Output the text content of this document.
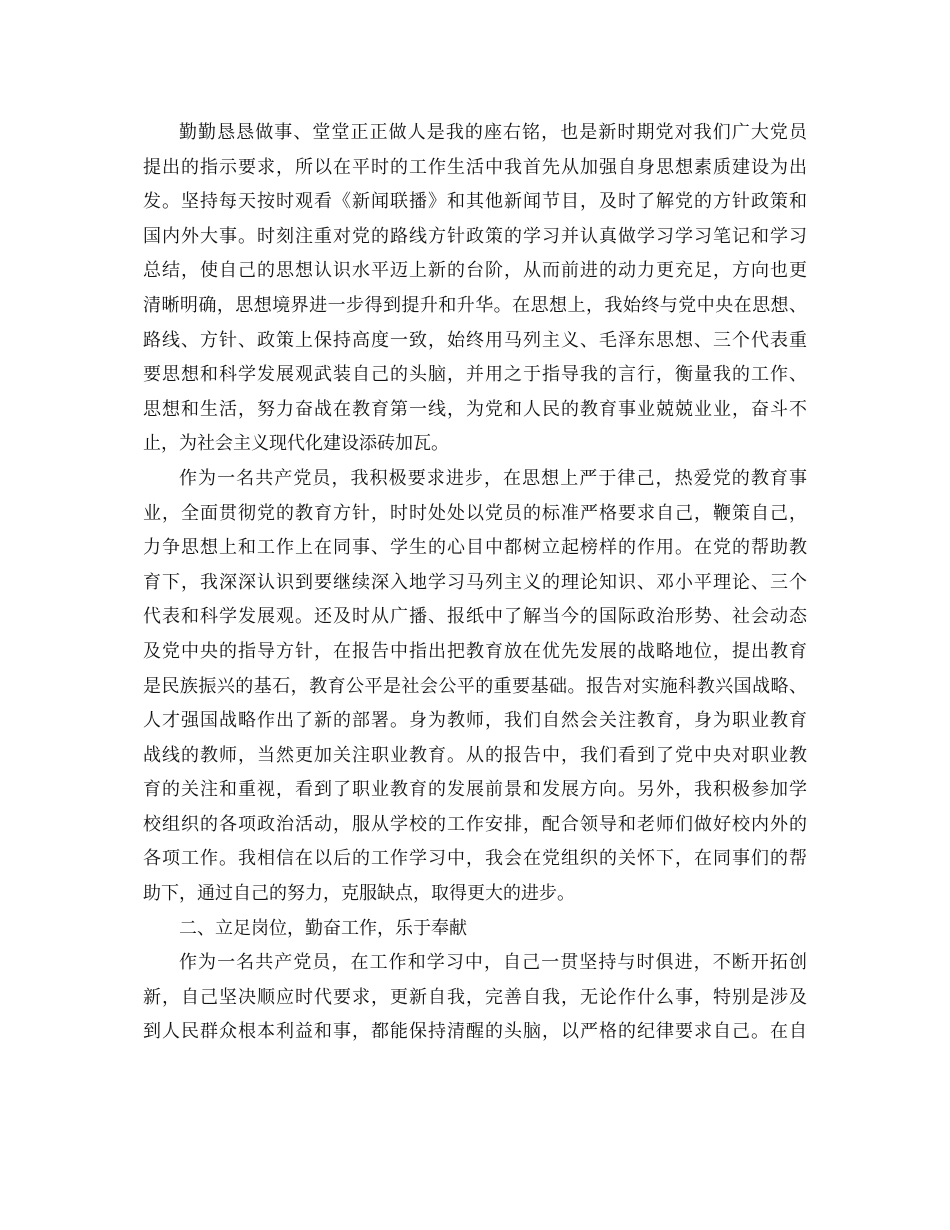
勤勤恳恳做事、堂堂正正做人是我的座右铭，也是新时期党对我们广大党员
提出的指示要求，所以在平时的工作生活中我首先从加强自身思想素质建设为出
发。坚持每天按时观看《新闻联播》和其他新闻节目，及时了解党的方针政策和
国内外大事。时刻注重对党的路线方针政策的学习并认真做学习学习笔记和学习
总结，使自己的思想认识水平迈上新的台阶，从而前进的动力更充足，方向也更
清晰明确，思想境界进一步得到提升和升华。在思想上，我始终与党中央在思想、
路线、方针、政策上保持高度一致，始终用马列主义、毛泽东思想、三个代表重
要思想和科学发展观武装自己的头脑，并用之于指导我的言行，衡量我的工作、
思想和生活，努力奋战在教育第一线，为党和人民的教育事业兢兢业业，奋斗不
止，为社会主义现代化建设添砖加瓦。
作为一名共产党员，我积极要求进步，在思想上严于律己，热爱党的教育事
业，全面贯彻党的教育方针，时时处处以党员的标准严格要求自己，鞭策自己，
力争思想上和工作上在同事、学生的心目中都树立起榜样的作用。在党的帮助教
育下，我深深认识到要继续深入地学习马列主义的理论知识、邓小平理论、三个
代表和科学发展观。还及时从广播、报纸中了解当今的国际政治形势、社会动态
及党中央的指导方针，在报告中指出把教育放在优先发展的战略地位，提出教育
是民族振兴的基石，教育公平是社会公平的重要基础。报告对实施科教兴国战略、
人才强国战略作出了新的部署。身为教师，我们自然会关注教育，身为职业教育
战线的教师，当然更加关注职业教育。从的报告中，我们看到了党中央对职业教
育的关注和重视，看到了职业教育的发展前景和发展方向。另外，我积极参加学
校组织的各项政治活动，服从学校的工作安排，配合领导和老师们做好校内外的
各项工作。我相信在以后的工作学习中，我会在党组织的关怀下，在同事们的帮
助下，通过自己的努力，克服缺点，取得更大的进步。
二、立足岗位，勤奋工作，乐于奉献
作为一名共产党员，在工作和学习中，自己一贯坚持与时俱进，不断开拓创
新，自己坚决顺应时代要求，更新自我，完善自我，无论作什么事，特别是涉及
到人民群众根本利益和事，都能保持清醒的头脑，以严格的纪律要求自己。在自
